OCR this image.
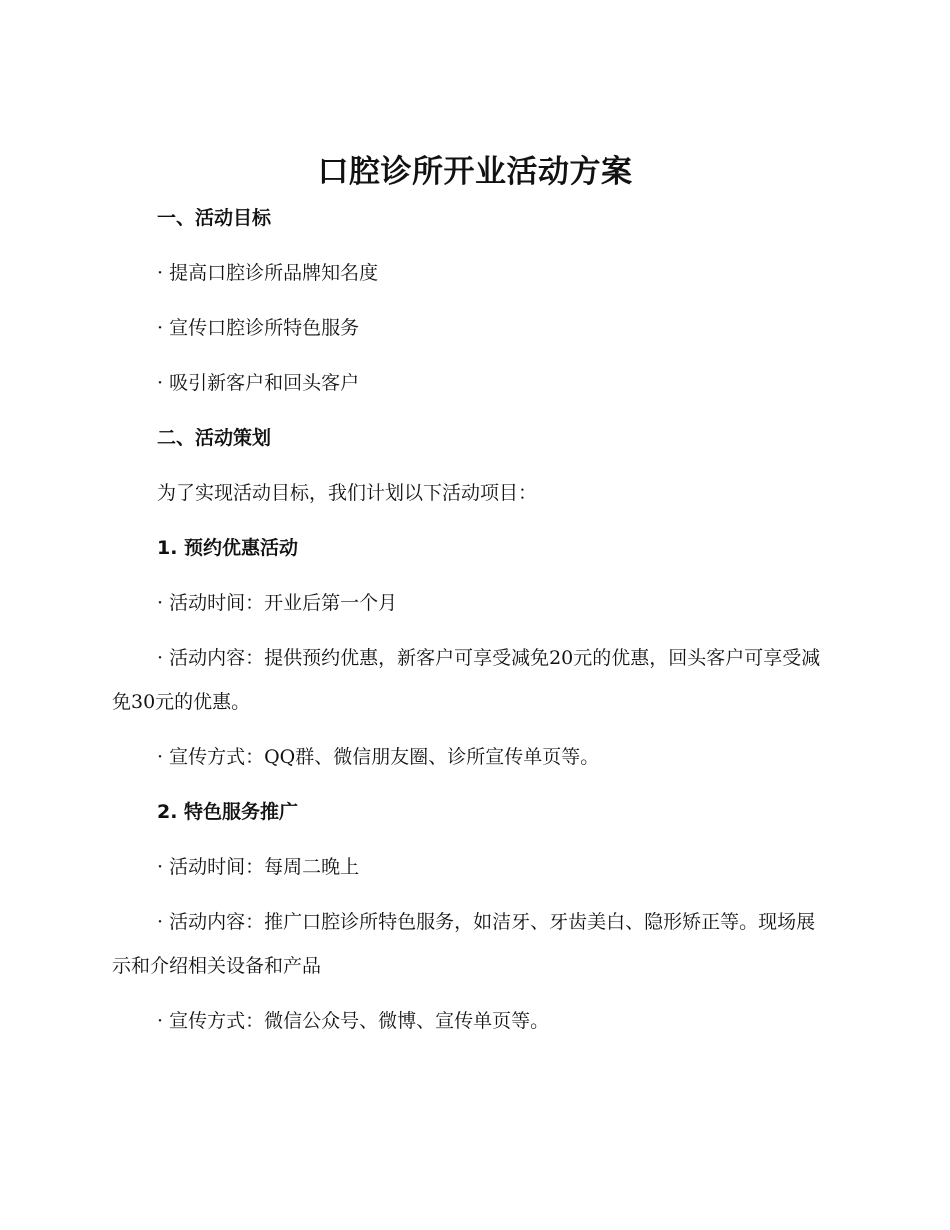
口腔诊所开业活动方案

一、活动目标

· 提高口腔诊所品牌知名度

· 宣传口腔诊所特色服务

· 吸引新客户和回头客户

二、活动策划

为了实现活动目标，我们计划以下活动项目：

1. 预约优惠活动

· 活动时间：开业后第一个月

· 活动内容：提供预约优惠，新客户可享受减免20元的优惠，回头客户可享受减免30元的优惠。

· 宣传方式：QQ群、微信朋友圈、诊所宣传单页等。

2. 特色服务推广

· 活动时间：每周二晚上

· 活动内容：推广口腔诊所特色服务，如洁牙、牙齿美白、隐形矫正等。现场展示和介绍相关设备和产品

· 宣传方式：微信公众号、微博、宣传单页等。
